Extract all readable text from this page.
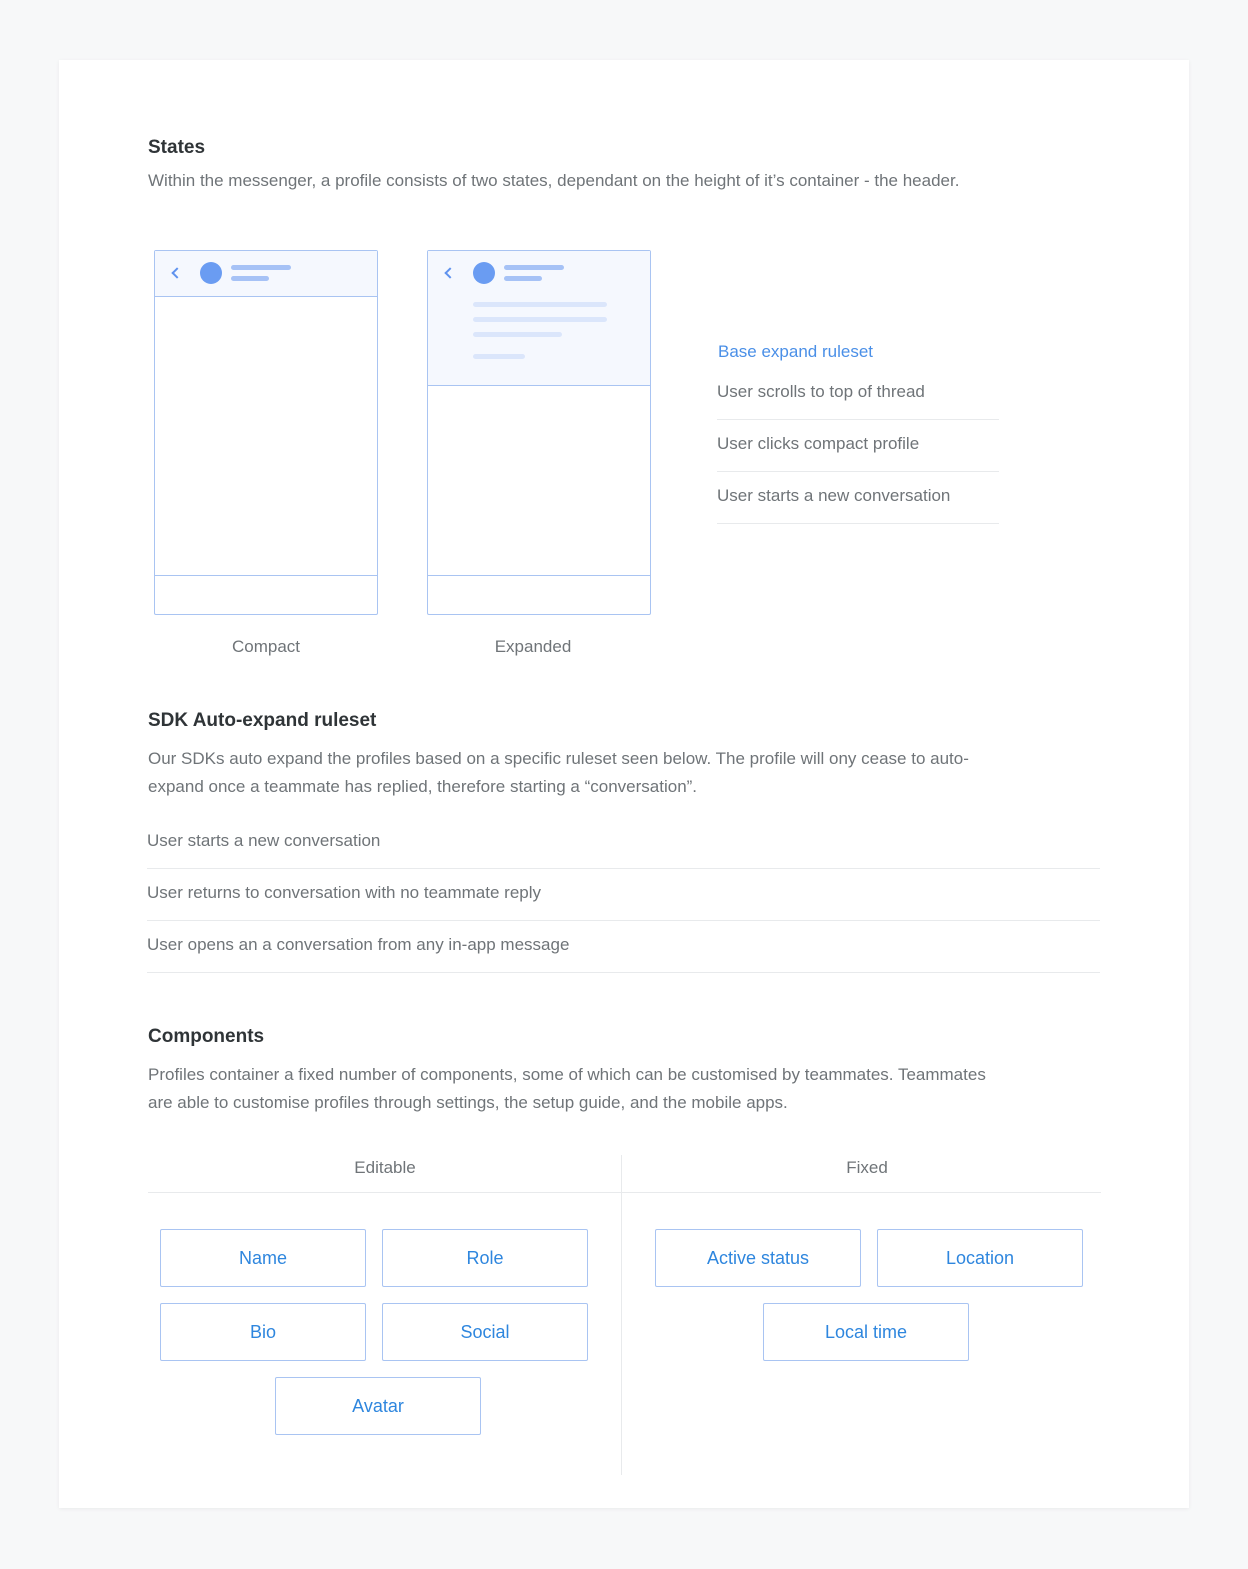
States
Within the messenger, a profile consists of two states, dependant on the height of it’s container - the header.
Compact	Expanded
Base expand ruleset
User scrolls to top of thread
User clicks compact profile
User starts a new conversation
SDK Auto-expand ruleset
Our SDKs auto expand the profiles based on a specific ruleset seen below. The profile will ony cease to auto-
expand once a teammate has replied, therefore starting a “conversation”.
User starts a new conversation
User returns to conversation with no teammate reply
User opens an a conversation from any in-app message
Components
Profiles container a fixed number of components, some of which can be customised by teammates. Teammates
are able to customise profiles through settings, the setup guide, and the mobile apps.
Editable	Fixed
Name	Role
Bio	Social
Avatar
Active status	Location
Local time
